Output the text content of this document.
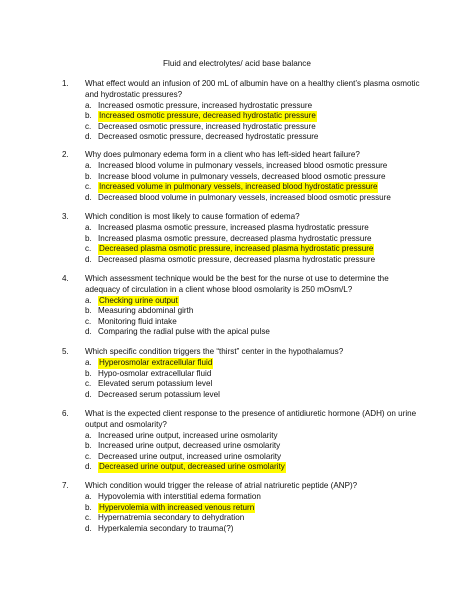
Fluid and electrolytes/ acid base balance
1. What effect would an infusion of 200 mL of albumin have on a healthy client’s plasma osmotic and hydrostatic pressures?
a. Increased osmotic pressure, increased hydrostatic pressure
b. Increased osmotic pressure, decreased hydrostatic pressure
c. Decreased osmotic pressure, increased hydrostatic pressure
d. Decreased osmotic pressure, decreased hydrostatic pressure
2. Why does pulmonary edema form in a client who has left-sided heart failure?
a. Increased blood volume in pulmonary vessels, increased blood osmotic pressure
b. Increase blood volume in pulmonary vessels, decreased blood osmotic pressure
c. Increased volume in pulmonary vessels, increased blood hydrostatic pressure
d. Decreased blood volume in pulmonary vessels, increased blood osmotic pressure
3. Which condition is most likely to cause formation of edema?
a. Increased plasma osmotic pressure, increased plasma hydrostatic pressure
b. Increased plasma osmotic pressure, decreased plasma hydrostatic pressure
c. Decreased plasma osmotic pressure, increased plasma hydrostatic pressure
d. Decreased plasma osmotic pressure, decreased plasma hydrostatic pressure
4. Which assessment technique would be the best for the nurse ot use to determine the adequacy of circulation in a client whose blood osmolarity is 250 mOsm/L?
a. Checking urine output
b. Measuring abdominal girth
c. Monitoring fluid intake
d. Comparing the radial pulse with the apical pulse
5. Which specific condition triggers the “thirst” center in the hypothalamus?
a. Hyperosmolar extracellular fluid
b. Hypo-osmolar extracellular fluid
c. Elevated serum potassium level
d. Decreased serum potassium level
6. What is the expected client response to the presence of antidiuretic hormone (ADH) on urine output and osmolarity?
a. Increased urine output, increased urine osmolarity
b. Increased urine output, decreased urine osmolarity
c. Decreased urine output, increased urine osmolarity
d. Decreased urine output, decreased urine osmolarity
7. Which condition would trigger the release of atrial natriuretic peptide (ANP)?
a. Hypovolemia with interstitial edema formation
b. Hypervolemia with increased venous return
c. Hypernatremia secondary to dehydration
d. Hyperkalemia secondary to trauma(?)
